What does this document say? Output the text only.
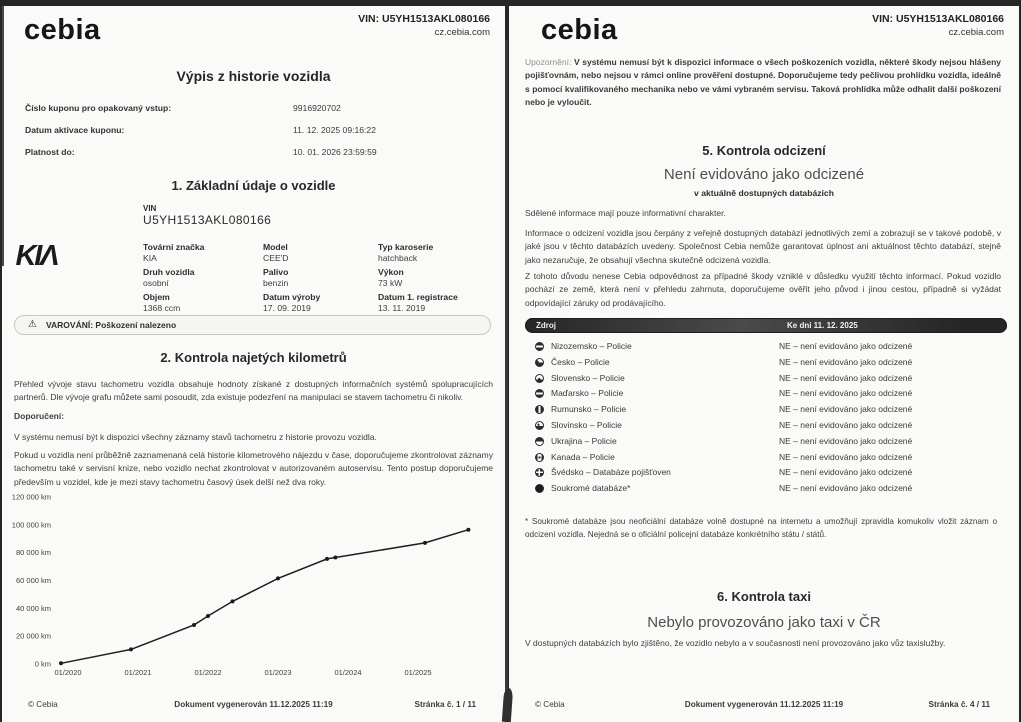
cebia	VIN: U5YH1513AKL080166
cz.cebia.com
Výpis z historie vozidla
Číslo kuponu pro opakovaný vstup:	9916920702
Datum aktivace kuponu:	11. 12. 2025 09:16:22
Platnost do:	10. 01. 2026 23:59:59
1. Základní údaje o vozidle
VIN
U5YH1513AKL080166
KIΛ	Tovární značka
KIA
Model
CEE'D
Typ karoserie
hatchback
Druh vozidla
osobní
Palivo
benzin
Výkon
73 kW
Objem
1368 ccm
Datum výroby
17. 09. 2019
Datum 1. registrace
13. 11. 2019
⚠ VAROVÁNÍ: Poškození nalezeno
2. Kontrola najetých kilometrů
Přehled vývoje stavu tachometru vozidla obsahuje hodnoty získané z dostupných informačních systémů spolupracujících partnerů. Dle vývoje grafu můžete sami posoudit, zda existuje podezření na manipulaci se stavem tachometru či nikoliv.
Doporučení:
V systému nemusí být k dispozici všechny záznamy stavů tachometru z historie provozu vozidla.
Pokud u vozidla není průběžně zaznamenaná celá historie kilometrového nájezdu v čase, doporučujeme zkontrolovat záznamy tachometru také v servisní knize, nebo vozidlo nechat zkontrolovat v autorizovaném autoservisu. Tento postup doporučujeme především u vozidel, kde je mezi stavy tachometru časový úsek delší než dva roky.
0 km
20 000 km
40 000 km
60 000 km
80 000 km
100 000 km
120 000 km
01/2020	01/2021	01/2022	01/2023	01/2024	01/2025
© Cebia	Dokument vygenerován 11.12.2025 11:19	Stránka č. 1 / 11
cebia	VIN: U5YH1513AKL080166
cz.cebia.com
Upozornění: V systému nemusí být k dispozici informace o všech poškozeních vozidla, některé škody nejsou hlášeny pojišťovnám, nebo nejsou v rámci online prověření dostupné. Doporučujeme tedy pečlivou prohlídku vozidla, ideálně s pomocí kvalifikovaného mechanika nebo ve vámi vybraném servisu. Taková prohlídka může odhalit další poškození nebo je vyloučit.
5. Kontrola odcizení
Není evidováno jako odcizené
v aktuálně dostupných databázích
Sdělené informace mají pouze informativní charakter.
Informace o odcizení vozidla jsou čerpány z veřejně dostupných databází jednotlivých zemí a zobrazují se v takové podobě, v jaké jsou v těchto databázích uvedeny. Společnost Cebia nemůže garantovat úplnost ani aktuálnost těchto databází, stejně jako nezaručuje, že obsahují všechna skutečně odcizená vozidla.
Z tohoto důvodu nenese Cebia odpovědnost za případné škody vzniklé v důsledku využití těchto informací. Pokud vozidlo pochází ze země, která není v přehledu zahrnuta, doporučujeme ověřit jeho původ i jinou cestou, případně si vyžádat odpovídající záruky od prodávajícího.
Zdroj	Ke dni 11. 12. 2025
Nizozemsko – Policie	NE – není evidováno jako odcizené
Česko – Policie	NE – není evidováno jako odcizené
Slovensko – Policie	NE – není evidováno jako odcizené
Maďarsko – Policie	NE – není evidováno jako odcizené
Rumunsko – Policie	NE – není evidováno jako odcizené
Slovinsko – Policie	NE – není evidováno jako odcizené
Ukrajina – Policie	NE – není evidováno jako odcizené
Kanada – Policie	NE – není evidováno jako odcizené
Švédsko – Databáze pojišťoven	NE – není evidováno jako odcizené
Soukromé databáze*	NE – není evidováno jako odcizené
* Soukromé databáze jsou neoficiální databáze volně dostupné na internetu a umožňují zpravidla komukoliv vložit záznam o odcizení vozidla. Nejedná se o oficiální policejní databáze konkrétního státu / států.
6. Kontrola taxi
Nebylo provozováno jako taxi v ČR
V dostupných databázích bylo zjištěno, že vozidlo nebylo a v současnosti není provozováno jako vůz taxislužby.
© Cebia	Dokument vygenerován 11.12.2025 11:19	Stránka č. 4 / 11
